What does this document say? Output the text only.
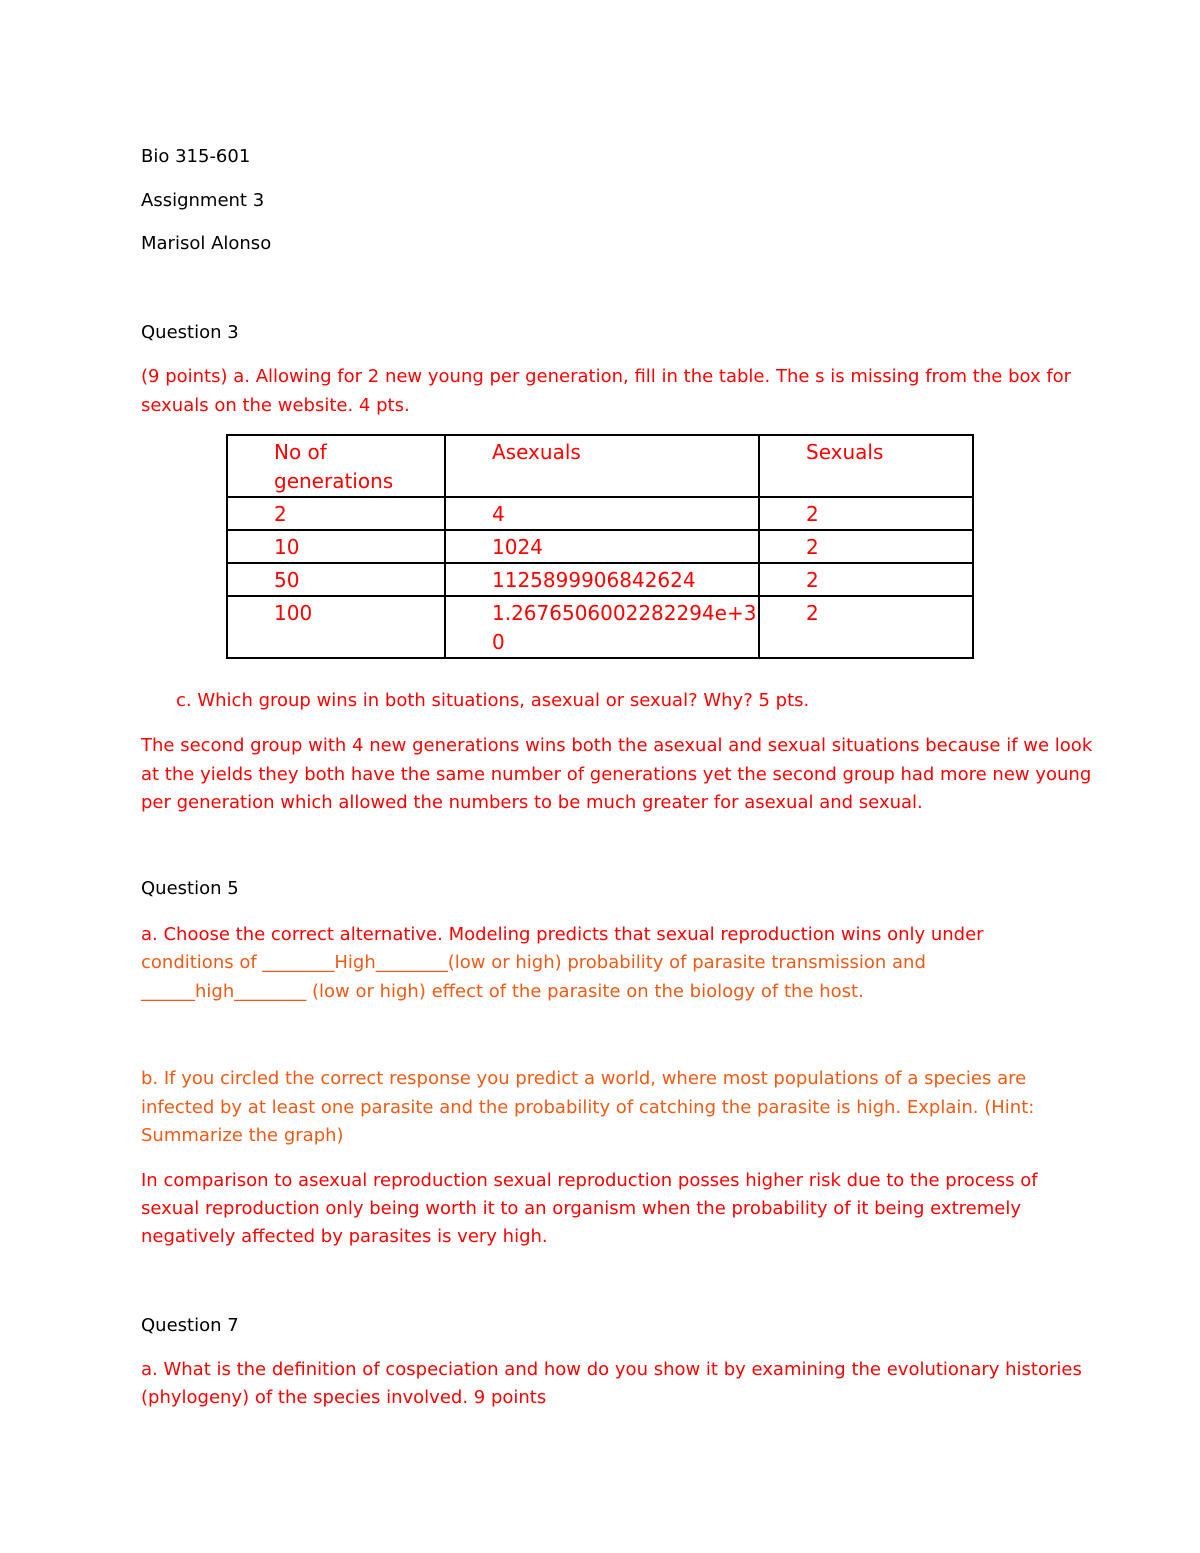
Bio 315-601

Assignment 3

Marisol Alonso

Question 3

(9 points) a. Allowing for 2 new young per generation, fill in the table. The s is missing from the box for

sexuals on the website. 4 pts.

No of generations	Asexuals	Sexuals
2	4	2
10	1024	2
50	1125899906842624	2
100	1.2676506002282294e+30	2

c. Which group wins in both situations, asexual or sexual? Why? 5 pts.

The second group with 4 new generations wins both the asexual and sexual situations because if we look

at the yields they both have the same number of generations yet the second group had more new young

per generation which allowed the numbers to be much greater for asexual and sexual.

Question 5

a. Choose the correct alternative. Modeling predicts that sexual reproduction wins only under

conditions of ________High________(low or high) probability of parasite transmission and

______high________ (low or high) effect of the parasite on the biology of the host.

b. If you circled the correct response you predict a world, where most populations of a species are

infected by at least one parasite and the probability of catching the parasite is high. Explain. (Hint:

Summarize the graph)

In comparison to asexual reproduction sexual reproduction posses higher risk due to the process of

sexual reproduction only being worth it to an organism when the probability of it being extremely

negatively affected by parasites is very high.

Question 7

a. What is the definition of cospeciation and how do you show it by examining the evolutionary histories

(phylogeny) of the species involved. 9 points
